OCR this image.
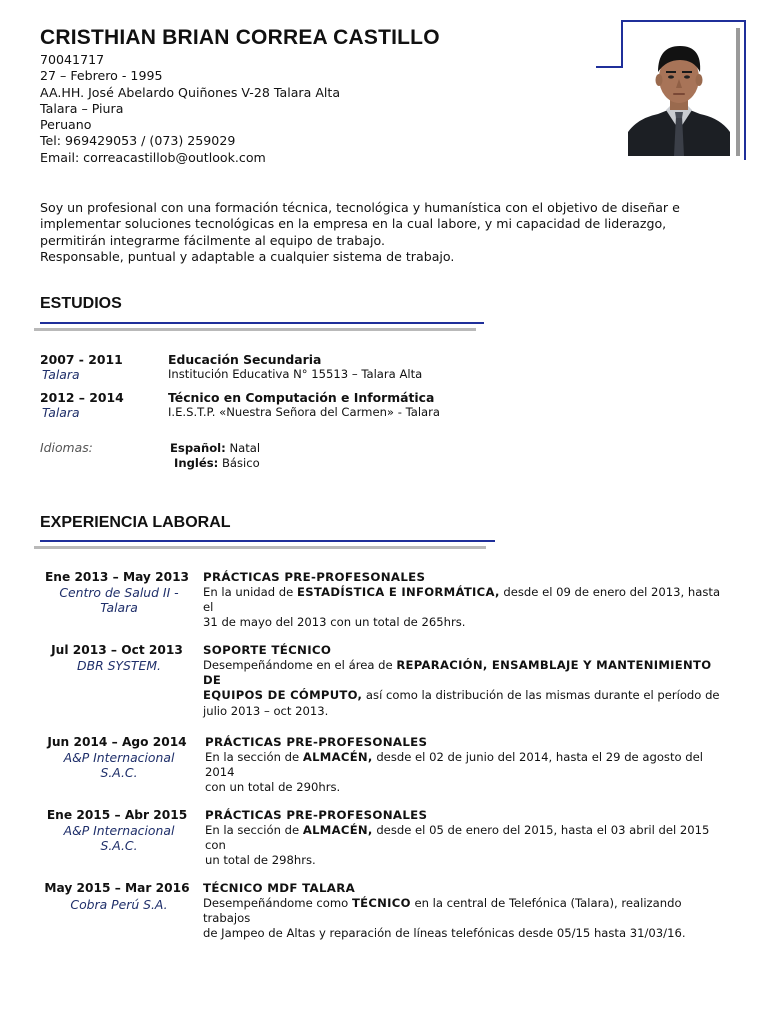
CRISTHIAN BRIAN CORREA CASTILLO
70041717
27 – Febrero - 1995
AA.HH. José Abelardo Quiñones V-28 Talara Alta
Talara – Piura
Peruano
Tel: 969429053 / (073) 259029
Email: correacastillob@outlook.com
Soy un profesional con una formación técnica, tecnológica y humanística con el objetivo de diseñar e implementar soluciones tecnológicas en la empresa en la cual labore, y mi capacidad de liderazgo, permitirán integrarme fácilmente al equipo de trabajo.
Responsable, puntual y adaptable a cualquier sistema de trabajo.
ESTUDIOS
2007 - 2011
Talara
Educación Secundaria
Institución Educativa N° 15513 – Talara Alta
2012 – 2014
Talara
Técnico en Computación e Informática
I.E.S.T.P. «Nuestra Señora del Carmen» - Talara
Idiomas:	Español: Natal
Inglés: Básico
EXPERIENCIA LABORAL
Ene 2013 – May 2013
Centro de Salud II -
Talara
PRÁCTICAS PRE-PROFESONALES
En la unidad de ESTADÍSTICA E INFORMÁTICA, desde el 09 de enero del 2013, hasta el
31 de mayo del 2013 con un total de 265hrs.
Jul 2013 – Oct 2013
DBR SYSTEM.
SOPORTE TÉCNICO
Desempeñándome en el área de REPARACIÓN, ENSAMBLAJE Y MANTENIMIENTO DE
EQUIPOS DE CÓMPUTO, así como la distribución de las mismas durante el período de
julio 2013 – oct 2013.
Jun 2014 – Ago 2014
A&P Internacional
S.A.C.
PRÁCTICAS PRE-PROFESONALES
En la sección de ALMACÉN, desde el 02 de junio del 2014, hasta el 29 de agosto del 2014
con un total de 290hrs.
Ene 2015 – Abr 2015
A&P Internacional
S.A.C.
PRÁCTICAS PRE-PROFESONALES
En la sección de ALMACÉN, desde el 05 de enero del 2015, hasta el 03 abril del 2015 con
un total de 298hrs.
May 2015 – Mar 2016
Cobra Perú S.A.
TÉCNICO MDF TALARA
Desempeñándome como TÉCNICO en la central de Telefónica (Talara), realizando trabajos
de Jampeo de Altas y reparación de líneas telefónicas desde 05/15 hasta 31/03/16.
